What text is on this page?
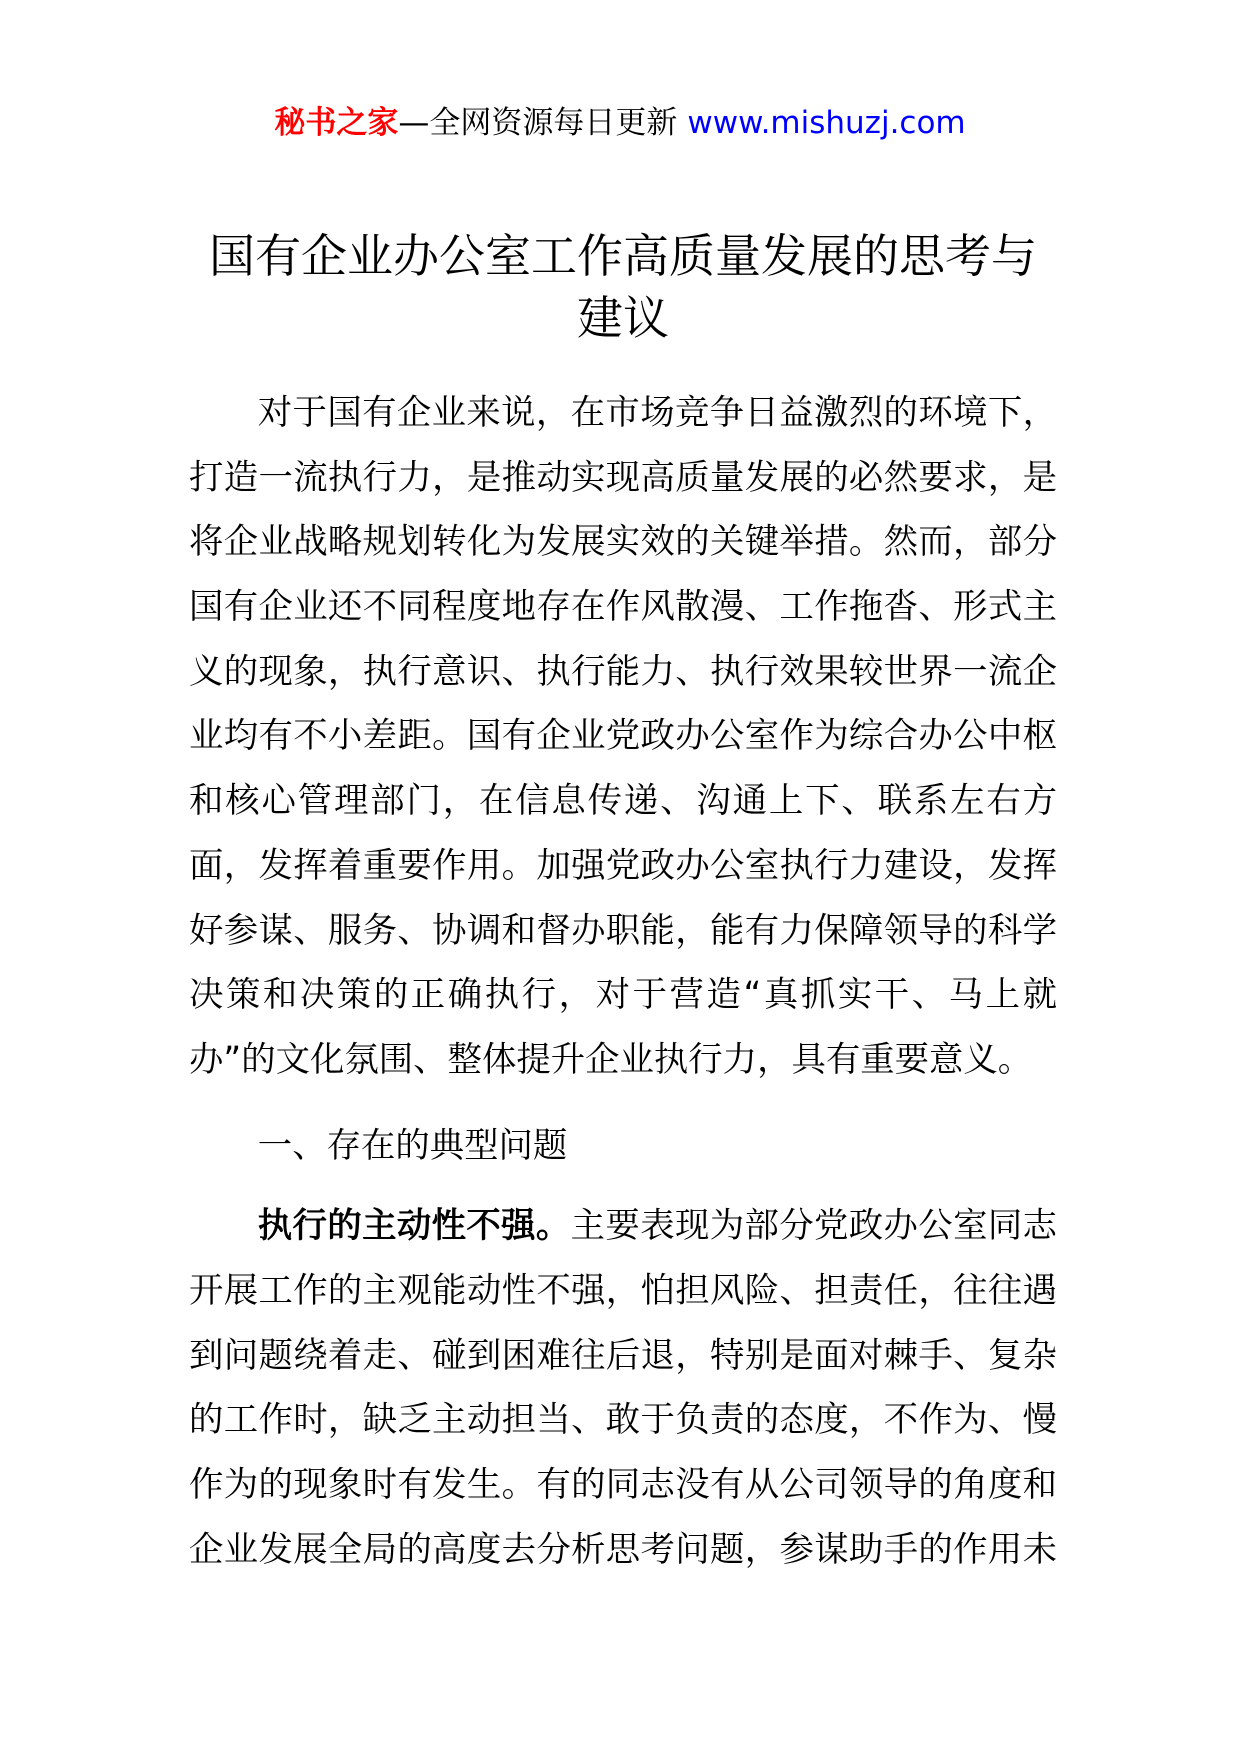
秘书之家—全网资源每日更新 www.mishuzj.com
国有企业办公室工作高质量发展的思考与
建议
对于国有企业来说，在市场竞争日益激烈的环境下，
打造一流执行力，是推动实现高质量发展的必然要求，是
将企业战略规划转化为发展实效的关键举措。然而，部分
国有企业还不同程度地存在作风散漫、工作拖沓、形式主
义的现象，执行意识、执行能力、执行效果较世界一流企
业均有不小差距。国有企业党政办公室作为综合办公中枢
和核心管理部门，在信息传递、沟通上下、联系左右方
面，发挥着重要作用。加强党政办公室执行力建设，发挥
好参谋、服务、协调和督办职能，能有力保障领导的科学
决策和决策的正确执行，对于营造“真抓实干、马上就
办”的文化氛围、整体提升企业执行力，具有重要意义。
一、存在的典型问题
执行的主动性不强。主要表现为部分党政办公室同志
开展工作的主观能动性不强，怕担风险、担责任，往往遇
到问题绕着走、碰到困难往后退，特别是面对棘手、复杂
的工作时，缺乏主动担当、敢于负责的态度，不作为、慢
作为的现象时有发生。有的同志没有从公司领导的角度和
企业发展全局的高度去分析思考问题，参谋助手的作用未
